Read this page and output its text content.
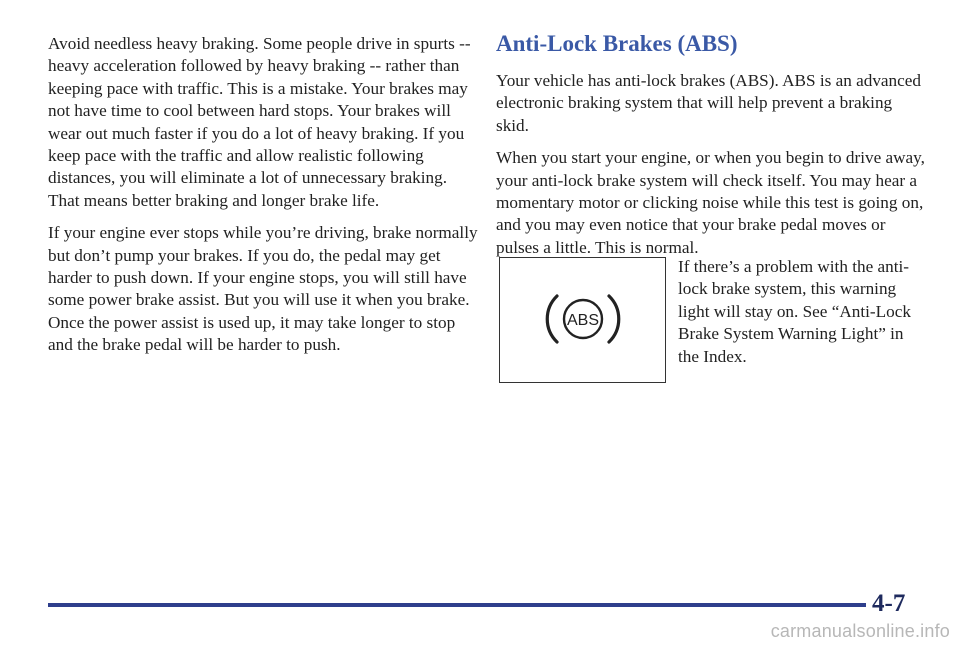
Avoid needless heavy braking. Some people drive in spurts -- heavy acceleration followed by heavy braking -- rather than keeping pace with traffic. This is a mistake. Your brakes may not have time to cool between hard stops. Your brakes will wear out much faster if you do a lot of heavy braking. If you keep pace with the traffic and allow realistic following distances, you will eliminate a lot of unnecessary braking. That means better braking and longer brake life.

If your engine ever stops while you’re driving, brake normally but don’t pump your brakes. If you do, the pedal may get harder to push down. If your engine stops, you will still have some power brake assist. But you will use it when you brake. Once the power assist is used up, it may take longer to stop and the brake pedal will be harder to push.

Anti-Lock Brakes (ABS)

Your vehicle has anti-lock brakes (ABS). ABS is an advanced electronic braking system that will help prevent a braking skid.

When you start your engine, or when you begin to drive away, your anti-lock brake system will check itself. You may hear a momentary motor or clicking noise while this test is going on, and you may even notice that your brake pedal moves or pulses a little. This is normal.

ABS

If there’s a problem with the anti-lock brake system, this warning light will stay on. See “Anti-Lock Brake System Warning Light” in the Index.

4-7
carmanualsonline.info
